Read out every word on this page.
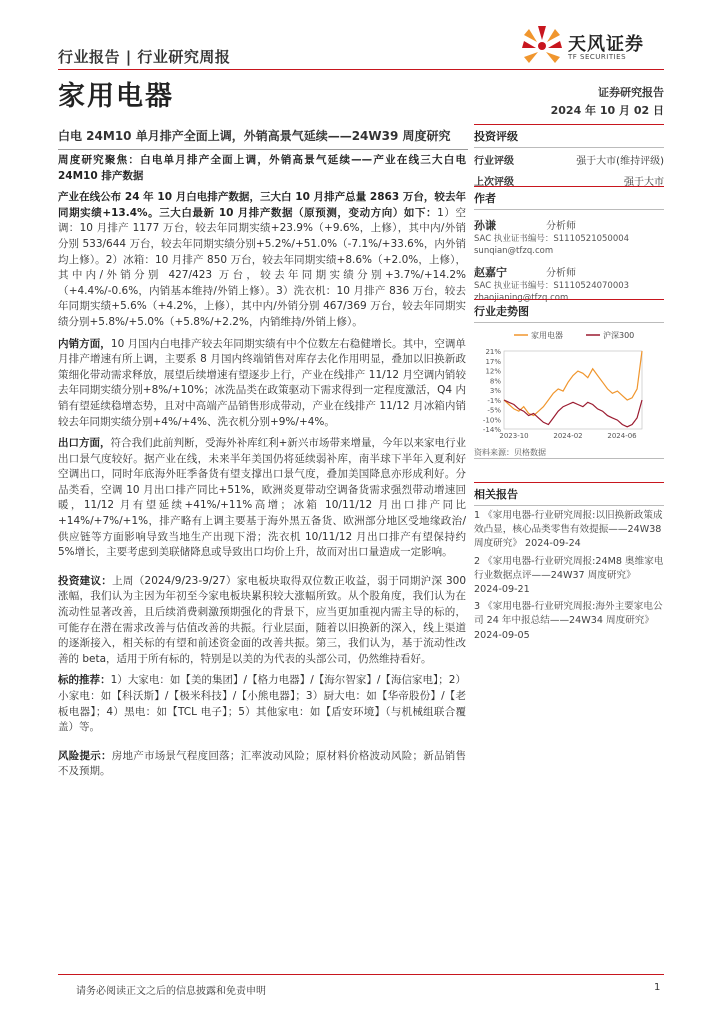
行业报告 | 行业研究周报
家用电器
天风证券
TF SECURITIES
证券研究报告
2024 年 10 月 02 日
白电 24M10 单月排产全面上调，外销高景气延续——24W39 周度研究

周度研究聚焦：白电单月排产全面上调，外销高景气延续——产业在线三大白电 24M10 排产数据

产业在线公布 24 年 10 月白电排产数据，三大白 10 月排产总量 2863 万台，较去年同期实绩+13.4%。三大白最新 10 月排产数据（原预测，变动方向）如下：1）空调：10 月排产 1177 万台，较去年同期实绩+23.9%（+9.6%，上修），其中内/外销分别 533/644 万台，较去年同期实绩分别+5.2%/+51.0%（-7.1%/+33.6%，内外销均上修）。2）冰箱：10 月排产 850 万台，较去年同期实绩+8.6%（+2.0%，上修），其中内/外销分别 427/423 万台，较去年同期实绩分别+3.7%/+14.2%（+4.4%/-0.6%，内销基本维持/外销上修）。3）洗衣机：10 月排产 836 万台，较去年同期实绩+5.6%（+4.2%，上修），其中内/外销分别 467/369 万台，较去年同期实绩分别+5.8%/+5.0%（+5.8%/+2.2%，内销维持/外销上修）。

内销方面，10 月国内白电排产较去年同期实绩有中个位数左右稳健增长。其中，空调单月排产增速有所上调，主要系 8 月国内终端销售对库存去化作用明显，叠加以旧换新政策细化带动需求释放，展望后续增速有望逐步上行，产业在线排产 11/12 月空调内销较去年同期实绩分别+8%/+10%；冰洗品类在政策驱动下需求得到一定程度激活，Q4 内销有望延续稳增态势，且对中高端产品销售形成带动，产业在线排产 11/12 月冰箱内销较去年同期实绩分别+4%/+4%、洗衣机分别+9%/+4%。

出口方面，符合我们此前判断，受海外补库红利+新兴市场带来增量，今年以来家电行业出口景气度较好。据产业在线，未来半年美国仍将延续弱补库，南半球下半年入夏利好空调出口，同时年底海外旺季备货有望支撑出口景气度，叠加美国降息亦形成利好。分品类看，空调 10 月出口排产同比+51%，欧洲炎夏带动空调备货需求强烈带动增速回暖，11/12 月有望延续+41%/+11%高增；冰箱 10/11/12 月出口排产同比+14%/+7%/+1%，排产略有上调主要基于海外黑五备货、欧洲部分地区受地缘政治/供应链等方面影响导致当地生产出现下滑；洗衣机 10/11/12 月出口排产有望保持约 5%增长，主要考虑到美联储降息或导致出口均价上升，故而对出口量造成一定影响。

投资建议：上周（2024/9/23-9/27）家电板块取得双位数正收益，弱于同期沪深 300 涨幅，我们认为主因为年初至今家电板块累积较大涨幅所致。从个股角度，我们认为在流动性显著改善，且后续消费刺激预期强化的背景下，应当更加重视内需主导的标的，可能存在潜在需求改善与估值改善的共振。行业层面，随着以旧换新的深入，线上渠道的逐渐接入，相关标的有望和前述资金面的改善共振。第三，我们认为，基于流动性改善的 beta，适用于所有标的，特别是以美的为代表的头部公司，仍然维持看好。

标的推荐：1）大家电：如【美的集团】/【格力电器】/【海尔智家】/【海信家电】；2）小家电：如【科沃斯】/【极米科技】/【小熊电器】；3）厨大电：如【华帝股份】/【老板电器】；4）黑电：如【TCL 电子】；5）其他家电：如【盾安环境】（与机械组联合覆盖）等。

风险提示：房地产市场景气程度回落；汇率波动风险；原材料价格波动风险；新品销售不及预期。

投资评级
行业评级	强于大市(维持评级)
上次评级	强于大市
作者
孙谦	分析师
SAC 执业证书编号：S1110521050004
sunqian@tfzq.com
赵嘉宁	分析师
SAC 执业证书编号：S1110524070003
zhaojianing@tfzq.com
行业走势图
家用电器	沪深300
21%
17%
12%
8%
3%
-1%
-5%
-10%
-14%
2023-10	2024-02	2024-06
资料来源：贝格数据
相关报告
1 《家用电器-行业研究周报:以旧换新政策成效凸显，核心品类零售有效提振——24W38 周度研究》 2024-09-24
2 《家用电器-行业研究周报:24M8 奥维家电行业数据点评——24W37 周度研究》 2024-09-21
3 《家用电器-行业研究周报:海外主要家电公司 24 年中报总结——24W34 周度研究》 2024-09-05
请务必阅读正文之后的信息披露和免责申明	1
